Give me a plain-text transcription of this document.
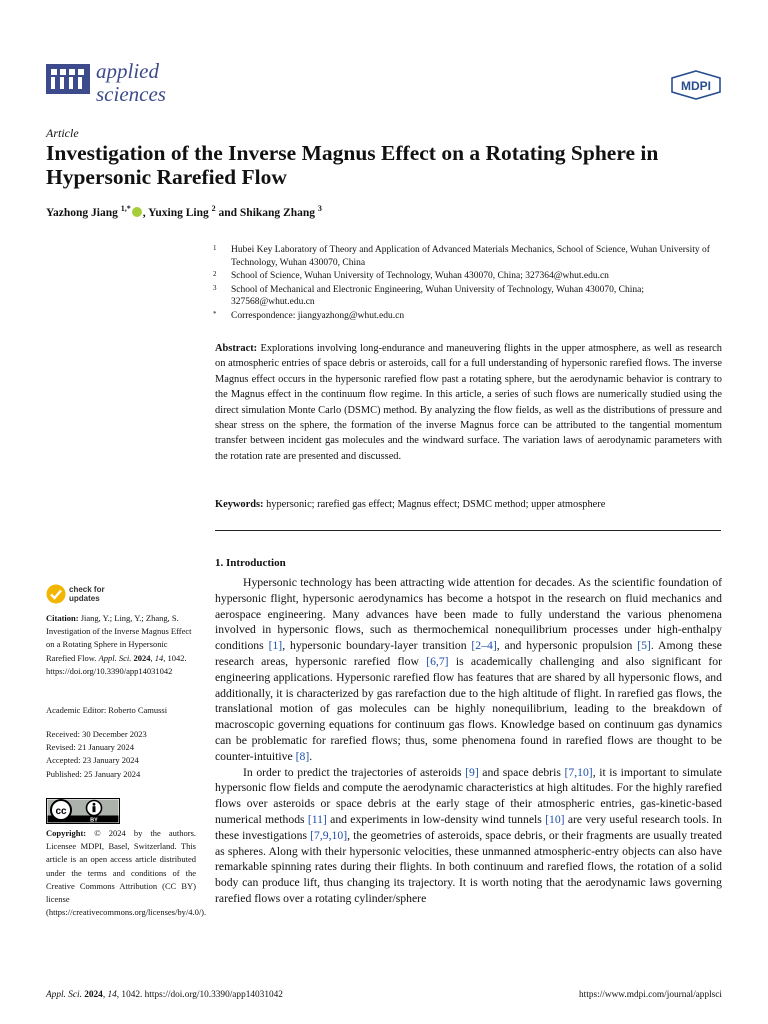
applied
sciences	MDPI
Article
Investigation of the Inverse Magnus Effect on a Rotating Sphere in Hypersonic Rarefied Flow
Yazhong Jiang $^{1,*}$ , Yuxing Ling $^2$ and Shikang Zhang $^3$
1 Hubei Key Laboratory of Theory and Application of Advanced Materials Mechanics, School of Science, Wuhan University of Technology, Wuhan 430070, China
2 School of Science, Wuhan University of Technology, Wuhan 430070, China; 327364@whut.edu.cn
3 School of Mechanical and Electronic Engineering, Wuhan University of Technology, Wuhan 430070, China; 327568@whut.edu.cn
* Correspondence: jiangyazhong@whut.edu.cn
Abstract: Explorations involving long-endurance and maneuvering flights in the upper atmosphere, as well as research on atmospheric entries of space debris or asteroids, call for a full understanding of hypersonic rarefied flows. The inverse Magnus effect occurs in the hypersonic rarefied flow past a rotating sphere, but the aerodynamic behavior is contrary to the Magnus effect in the continuum flow regime. In this article, a series of such flows are numerically studied using the direct simulation Monte Carlo (DSMC) method. By analyzing the flow fields, as well as the distributions of pressure and shear stress on the sphere, the formation of the inverse Magnus force can be attributed to the tangential momentum transfer between incident gas molecules and the windward surface. The variation laws of aerodynamic parameters with the rotation rate are presented and discussed.
Keywords: hypersonic; rarefied gas effect; Magnus effect; DSMC method; upper atmosphere
1. Introduction

Hypersonic technology has been attracting wide attention for decades. As the scientific foundation of hypersonic flight, hypersonic aerodynamics has become a hotspot in the research on fluid mechanics and aerospace engineering. Many advances have been made to fully understand the various phenomena involved in hypersonic flows, such as thermochemical nonequilibrium processes under high-enthalpy conditions [1], hypersonic boundary-layer transition [2–4], and hypersonic propulsion [5]. Among these research areas, hypersonic rarefied flow [6,7] is academically challenging and also significant for engineering applications. Hypersonic rarefied flow has features that are shared by all hypersonic flows, and additionally, it is characterized by gas rarefaction due to the high altitude of flight. In rarefied gas flows, the translational motion of gas molecules can be highly nonequilibrium, leading to the breakdown of macroscopic governing equations for continuum gas flows. Knowledge based on continuum gas dynamics can be problematic for rarefied flows; thus, some phenomena found in rarefied flows are thought to be counter-intuitive [8].

In order to predict the trajectories of asteroids [9] and space debris [7,10], it is important to simulate hypersonic flow fields and compute the aerodynamic characteristics at high altitudes. For the highly rarefied flows over asteroids or space debris at the early stage of their atmospheric entries, gas-kinetic-based numerical methods [11] and experiments in low-density wind tunnels [10] are very useful research tools. In these investigations [7,9,10], the geometries of asteroids, space debris, or their fragments are usually treated as spheres. Along with their hypersonic velocities, these unmanned atmospheric-entry objects can also have remarkable spinning rates during their flights. In both continuum and rarefied flows, the rotation of a solid body can produce lift, thus changing its trajectory. It is worth noting that the aerodynamic laws governing rarefied flows over a rotating cylinder/sphere

check for
updates
Citation: Jiang, Y.; Ling, Y.; Zhang, S. Investigation of the Inverse Magnus Effect on a Rotating Sphere in Hypersonic Rarefied Flow. Appl. Sci. 2024, 14, 1042. https://doi.org/10.3390/app14031042
Academic Editor: Roberto Camussi
Received: 30 December 2023
Revised: 21 January 2024
Accepted: 23 January 2024
Published: 25 January 2024
cc
BY
Copyright: © 2024 by the authors. Licensee MDPI, Basel, Switzerland. This article is an open access article distributed under the terms and conditions of the Creative Commons Attribution (CC BY) license (https://creativecommons.org/licenses/by/4.0/).
Appl. Sci. 2024, 14, 1042. https://doi.org/10.3390/app14031042	https://www.mdpi.com/journal/applsci
